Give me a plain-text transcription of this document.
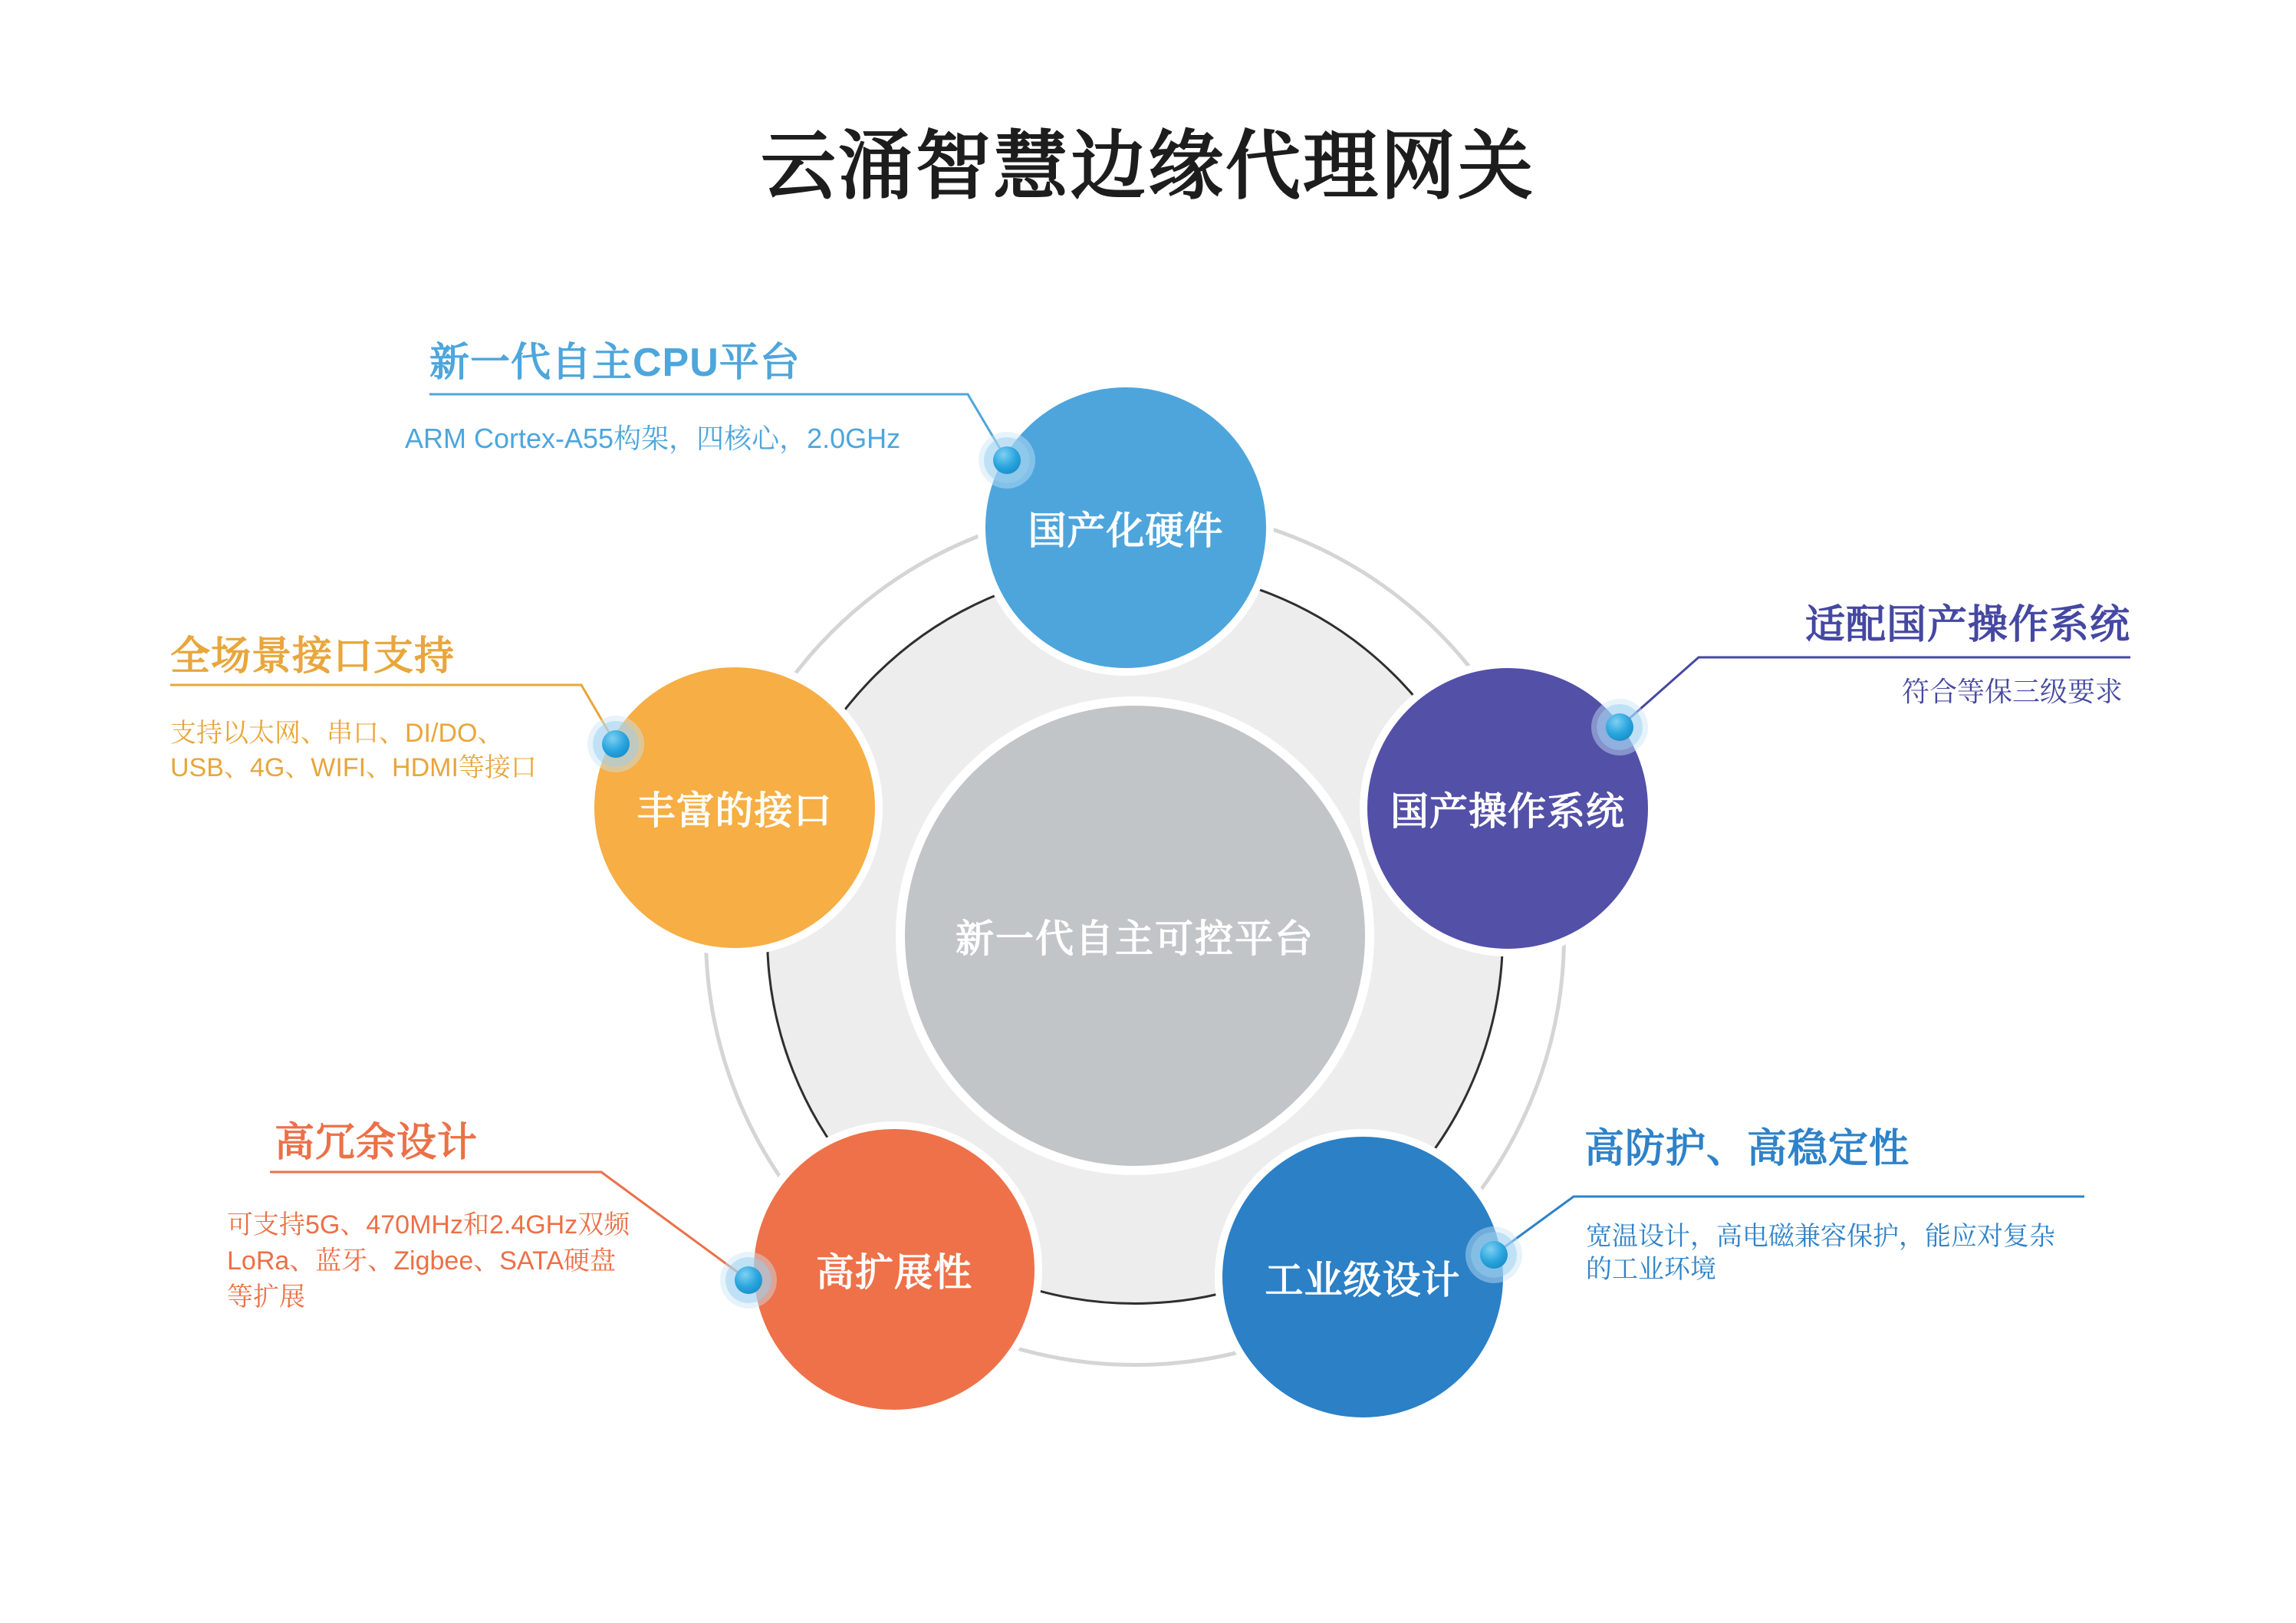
云涌智慧边缘代理网关
新一代自主可控平台
国产化硬件
丰富的接口	国产操作系统
高扩展性	工业级设计
新一代自主CPU平台
ARM Cortex-A55构架，四核心，2.0GHz
全场景接口支持
支持以太网、串口、DI/DO、
USB、4G、WIFI、HDMI等接口
高冗余设计
可支持5G、470MHz和2.4GHz双频
LoRa、蓝牙、Zigbee、SATA硬盘
等扩展
适配国产操作系统
符合等保三级要求
高防护、高稳定性
宽温设计，高电磁兼容保护，能应对复杂
的工业环境
